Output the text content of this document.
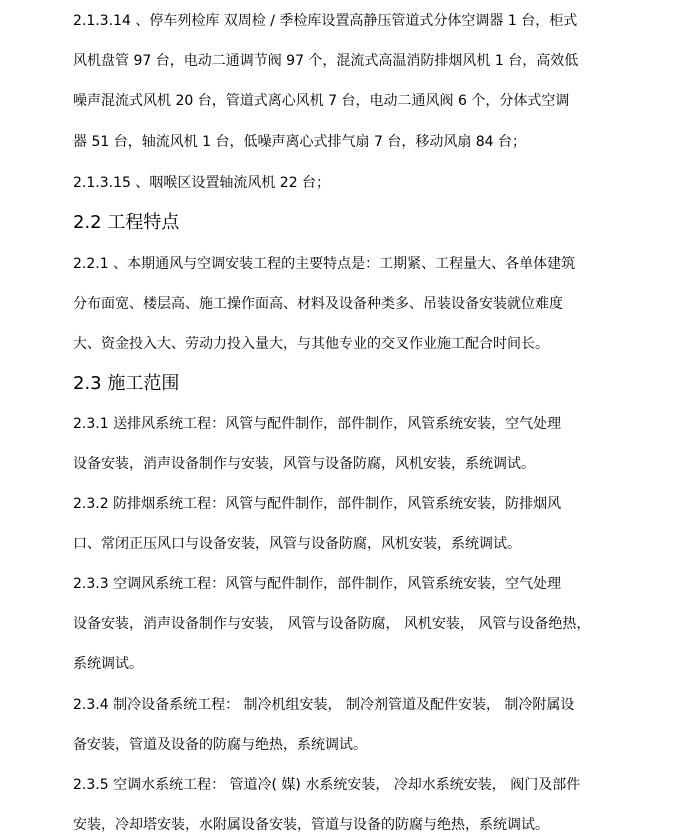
2.1.3.14 、停车列检库 双周检 / 季检库设置高静压管道式分体空调器 1 台，柜式
风机盘管 97 台，电动二通调节阀 97 个，混流式高温消防排烟风机 1 台，高效低
噪声混流式风机 20 台，管道式离心风机 7 台，电动二通风阀 6 个，分体式空调
器 51 台，轴流风机 1 台，低噪声离心式排气扇 7 台，移动风扇 84 台；
2.1.3.15 、咽喉区设置轴流风机 22 台；
2.2 工程特点
2.2.1 、本期通风与空调安装工程的主要特点是：工期紧、工程量大、各单体建筑
分布面宽、楼层高、施工操作面高、材料及设备种类多、吊装设备安装就位难度
大、资金投入大、劳动力投入量大，与其他专业的交叉作业施工配合时间长。
2.3 施工范围
2.3.1 送排风系统工程：风管与配件制作，部件制作，风管系统安装，空气处理
设备安装，消声设备制作与安装，风管与设备防腐，风机安装，系统调试。
2.3.2 防排烟系统工程：风管与配件制作，部件制作，风管系统安装，防排烟风
口、常闭正压风口与设备安装，风管与设备防腐，风机安装，系统调试。
2.3.3 空调风系统工程：风管与配件制作，部件制作，风管系统安装，空气处理
设备安装，消声设备制作与安装， 风管与设备防腐， 风机安装， 风管与设备绝热，
系统调试。
2.3.4 制冷设备系统工程： 制冷机组安装， 制冷剂管道及配件安装， 制冷附属设
备安装，管道及设备的防腐与绝热，系统调试。
2.3.5 空调水系统工程： 管道冷( 媒) 水系统安装， 冷却水系统安装， 阀门及部件
安装，冷却塔安装，水附属设备安装，管道与设备的防腐与绝热，系统调试。
